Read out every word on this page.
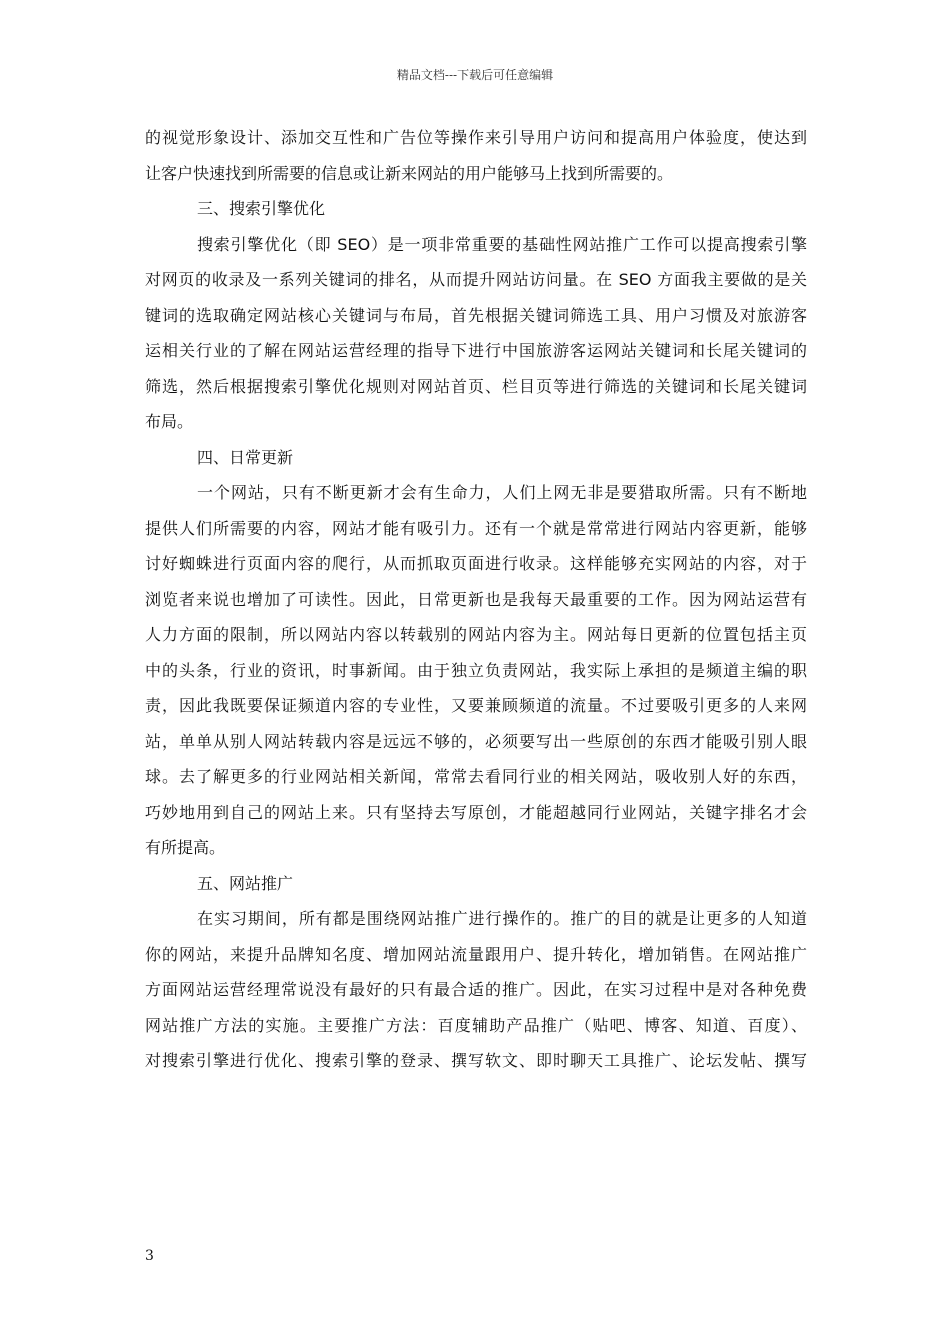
精品文档---下载后可任意编辑
的视觉形象设计、添加交互性和广告位等操作来引导用户访问和提高用户体验度，使达到
让客户快速找到所需要的信息或让新来网站的用户能够马上找到所需要的。
三、搜索引擎优化
搜索引擎优化（即 SEO）是一项非常重要的基础性网站推广工作可以提高搜索引擎
对网页的收录及一系列关键词的排名，从而提升网站访问量。在 SEO 方面我主要做的是关
键词的选取确定网站核心关键词与布局，首先根据关键词筛选工具、用户习惯及对旅游客
运相关行业的了解在网站运营经理的指导下进行中国旅游客运网站关键词和长尾关键词的
筛选，然后根据搜索引擎优化规则对网站首页、栏目页等进行筛选的关键词和长尾关键词
布局。
四、日常更新
一个网站，只有不断更新才会有生命力，人们上网无非是要猎取所需。只有不断地
提供人们所需要的内容，网站才能有吸引力。还有一个就是常常进行网站内容更新，能够
讨好蜘蛛进行页面内容的爬行，从而抓取页面进行收录。这样能够充实网站的内容，对于
浏览者来说也增加了可读性。因此，日常更新也是我每天最重要的工作。因为网站运营有
人力方面的限制，所以网站内容以转载别的网站内容为主。网站每日更新的位置包括主页
中的头条，行业的资讯，时事新闻。由于独立负责网站，我实际上承担的是频道主编的职
责，因此我既要保证频道内容的专业性，又要兼顾频道的流量。不过要吸引更多的人来网
站，单单从别人网站转载内容是远远不够的，必须要写出一些原创的东西才能吸引别人眼
球。去了解更多的行业网站相关新闻，常常去看同行业的相关网站，吸收别人好的东西，
巧妙地用到自己的网站上来。只有坚持去写原创，才能超越同行业网站，关键字排名才会
有所提高。
五、网站推广
在实习期间，所有都是围绕网站推广进行操作的。推广的目的就是让更多的人知道
你的网站，来提升品牌知名度、增加网站流量跟用户、提升转化，增加销售。在网站推广
方面网站运营经理常说没有最好的只有最合适的推广。因此，在实习过程中是对各种免费
网站推广方法的实施。主要推广方法：百度辅助产品推广（贴吧、博客、知道、百度）、
对搜索引擎进行优化、搜索引擎的登录、撰写软文、即时聊天工具推广、论坛发帖、撰写
3
